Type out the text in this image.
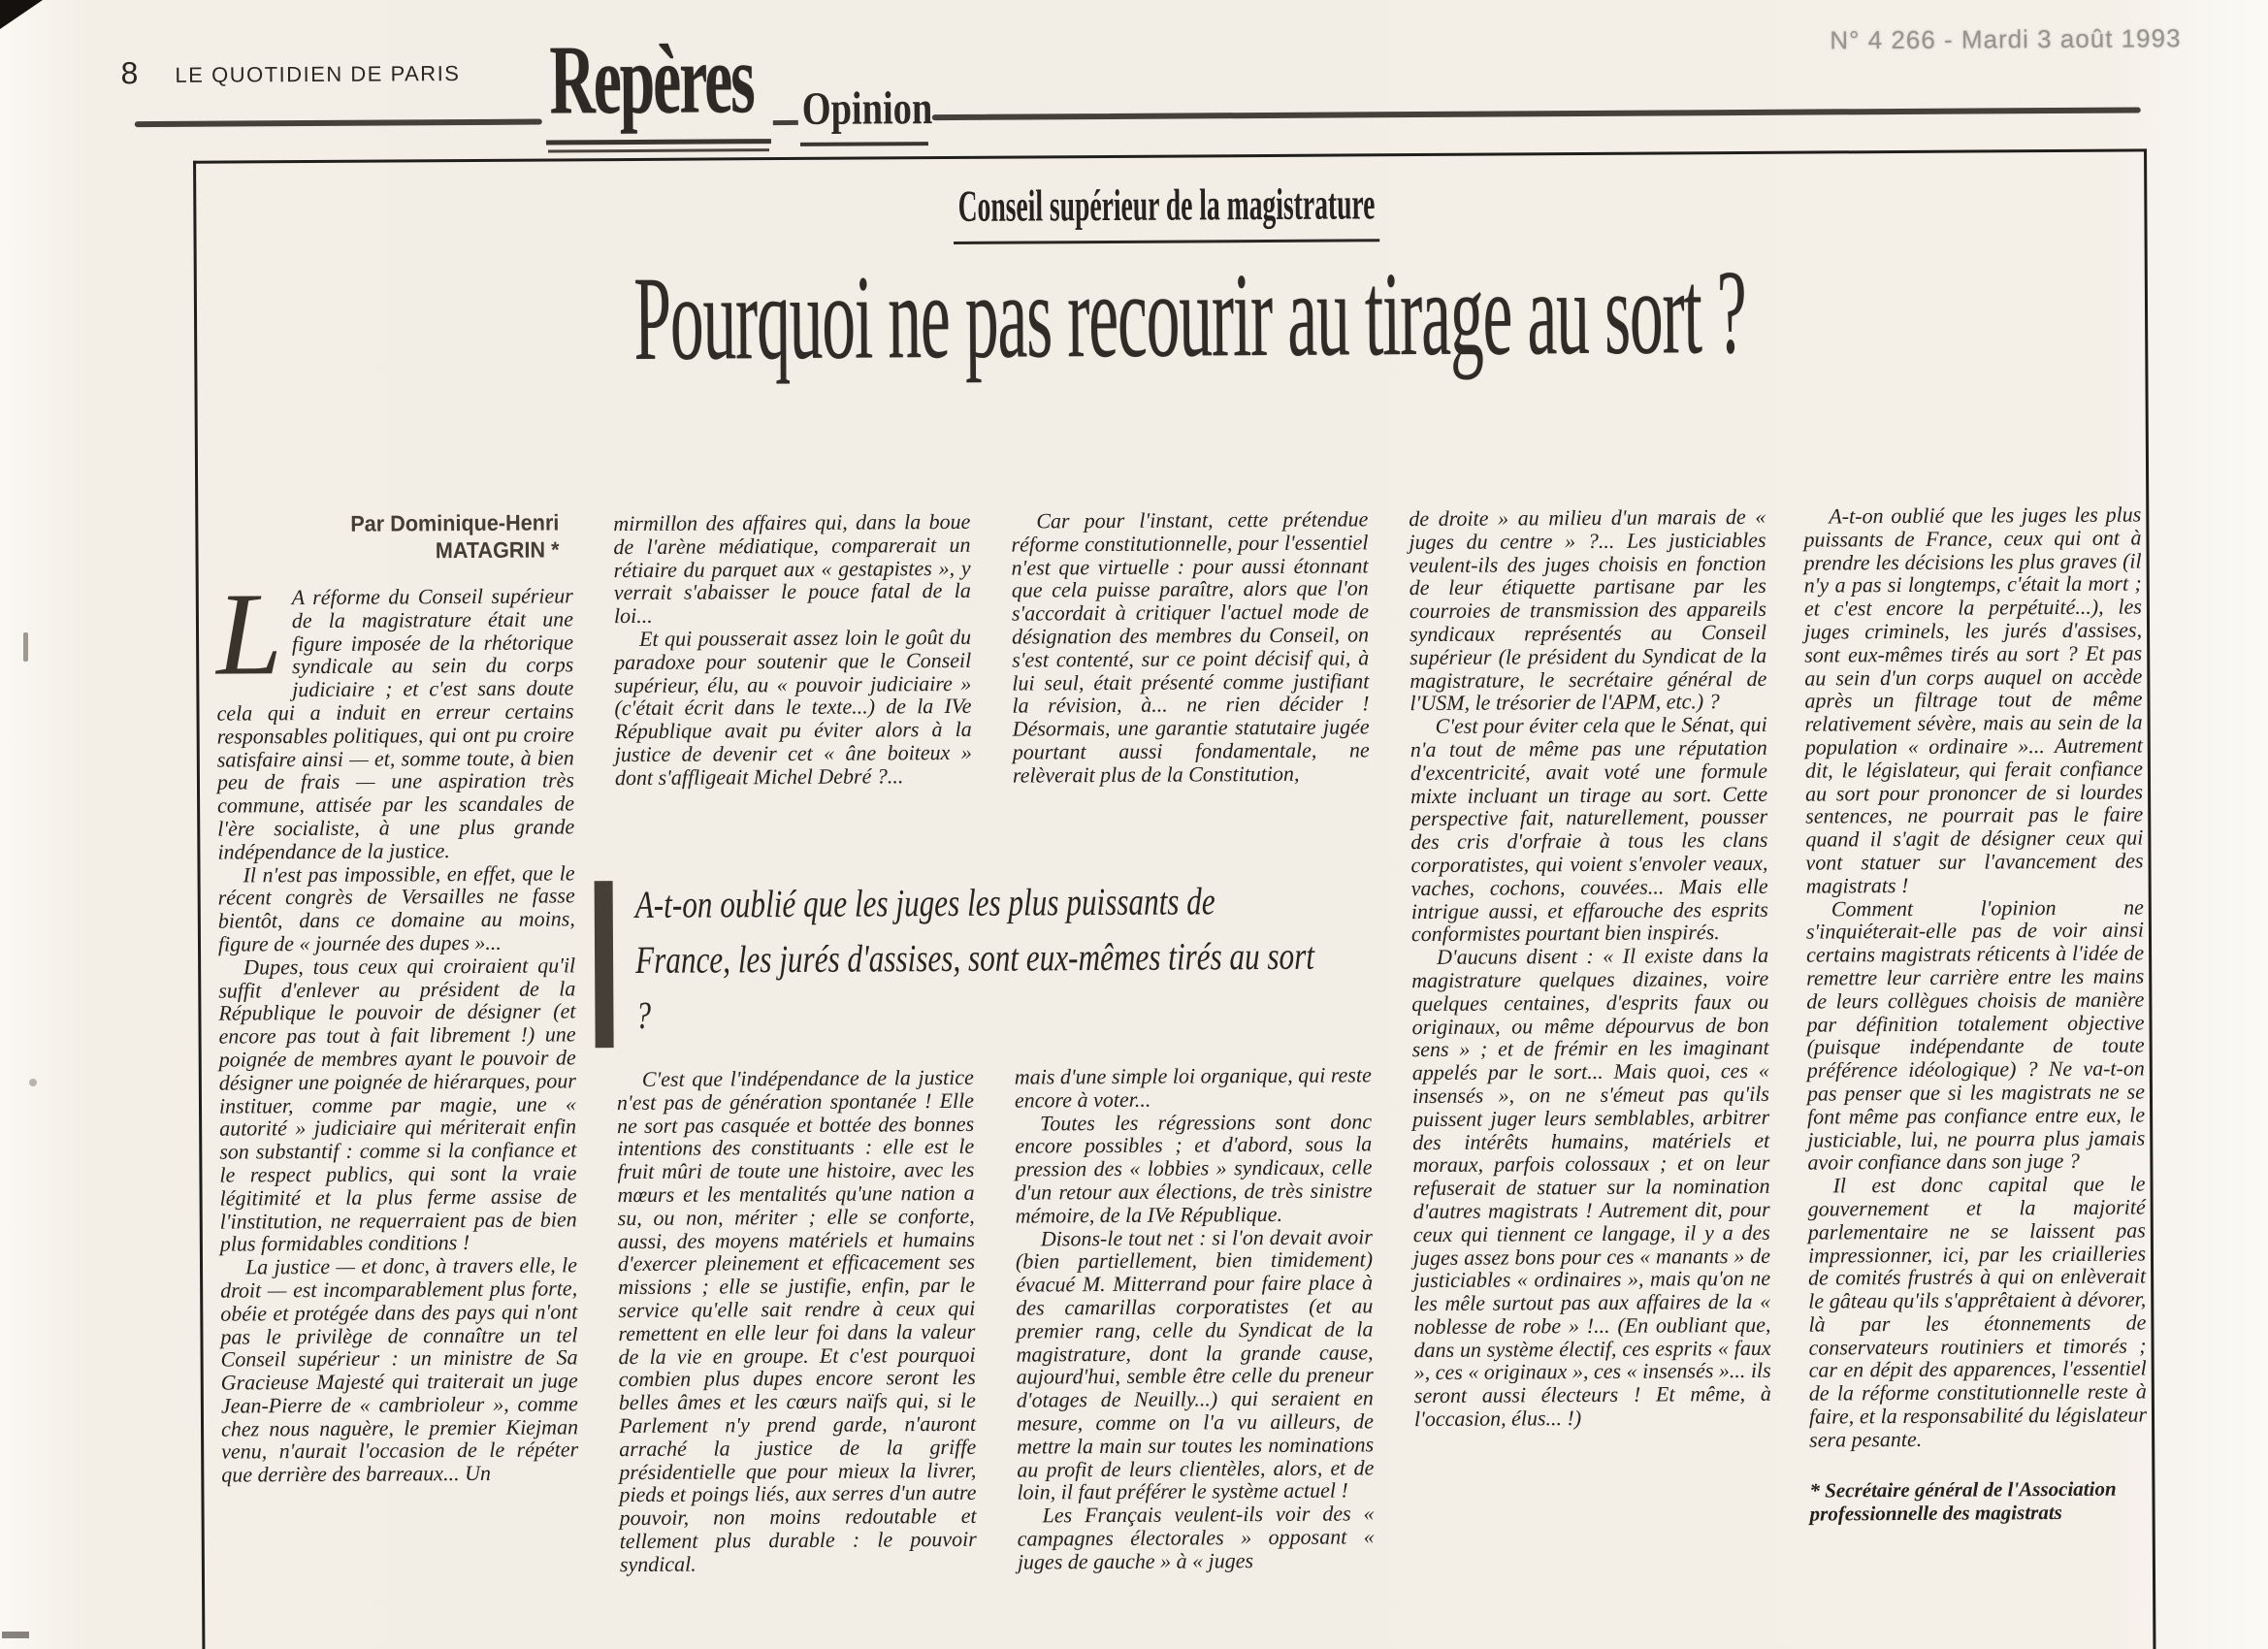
8 LE QUOTIDIEN DE PARIS
N° 4 266 - Mardi 3 août 1993
Repères Opinion
Conseil supérieur de la magistrature
Pourquoi ne pas recourir au tirage au sort ?
Par Dominique-Henri
MATAGRIN *

L A réforme du Conseil supérieur de la magistrature était une figure imposée de la rhétorique syndicale au sein du corps judiciaire ; et c'est sans doute cela qui a induit en erreur certains responsables politiques, qui ont pu croire satisfaire ainsi — et, somme toute, à bien peu de frais — une aspiration très commune, attisée par les scandales de l'ère socialiste, à une plus grande indépendance de la justice.

Il n'est pas impossible, en effet, que le récent congrès de Versailles ne fasse bientôt, dans ce domaine au moins, figure de « journée des dupes »...

Dupes, tous ceux qui croiraient qu'il suffit d'enlever au président de la République le pouvoir de désigner (et encore pas tout à fait librement !) une poignée de membres ayant le pouvoir de désigner une poignée de hiérarques, pour instituer, comme par magie, une « autorité » judiciaire qui mériterait enfin son substantif : comme si la confiance et le respect publics, qui sont la vraie légitimité et la plus ferme assise de l'institution, ne requerraient pas de bien plus formidables conditions !

La justice — et donc, à travers elle, le droit — est incomparablement plus forte, obéie et protégée dans des pays qui n'ont pas le privilège de connaître un tel Conseil supérieur : un ministre de Sa Gracieuse Majesté qui traiterait un juge Jean-Pierre de « cambrioleur », comme chez nous naguère, le premier Kiejman venu, n'aurait l'occasion de le répéter que derrière des barreaux... Un

mirmillon des affaires qui, dans la boue de l'arène médiatique, comparerait un rétiaire du parquet aux « gestapistes », y verrait s'abaisser le pouce fatal de la loi...

Et qui pousserait assez loin le goût du paradoxe pour soutenir que le Conseil supérieur, élu, au « pouvoir judiciaire » (c'était écrit dans le texte...) de la IVe République avait pu éviter alors à la justice de devenir cet « âne boiteux » dont s'affligeait Michel Debré ?...

C'est que l'indépendance de la justice n'est pas de génération spontanée ! Elle ne sort pas casquée et bottée des bonnes intentions des constituants : elle est le fruit mûri de toute une histoire, avec les mœurs et les mentalités qu'une nation a su, ou non, mériter ; elle se conforte, aussi, des moyens matériels et humains d'exercer pleinement et efficacement ses missions ; elle se justifie, enfin, par le service qu'elle sait rendre à ceux qui remettent en elle leur foi dans la valeur de la vie en groupe. Et c'est pourquoi combien plus dupes encore seront les belles âmes et les cœurs naïfs qui, si le Parlement n'y prend garde, n'auront arraché la justice de la griffe présidentielle que pour mieux la livrer, pieds et poings liés, aux serres d'un autre pouvoir, non moins redoutable et tellement plus durable : le pouvoir syndical.

Car pour l'instant, cette prétendue réforme constitutionnelle, pour l'essentiel n'est que virtuelle : pour aussi étonnant que cela puisse paraître, alors que l'on s'accordait à critiquer l'actuel mode de désignation des membres du Conseil, on s'est contenté, sur ce point décisif qui, à lui seul, était présenté comme justifiant la révision, à... ne rien décider ! Désormais, une garantie statutaire jugée pourtant aussi fondamentale, ne relèverait plus de la Constitution,

mais d'une simple loi organique, qui reste encore à voter...

Toutes les régressions sont donc encore possibles ; et d'abord, sous la pression des « lobbies » syndicaux, celle d'un retour aux élections, de très sinistre mémoire, de la IVe République.

Disons-le tout net : si l'on devait avoir (bien partiellement, bien timidement) évacué M. Mitterrand pour faire place à des camarillas corporatistes (et au premier rang, celle du Syndicat de la magistrature, dont la grande cause, aujourd'hui, semble être celle du preneur d'otages de Neuilly...) qui seraient en mesure, comme on l'a vu ailleurs, de mettre la main sur toutes les nominations au profit de leurs clientèles, alors, et de loin, il faut préférer le système actuel !

Les Français veulent-ils voir des « campagnes électorales » opposant « juges de gauche » à « juges

de droite » au milieu d'un marais de « juges du centre » ?... Les justiciables veulent-ils des juges choisis en fonction de leur étiquette partisane par les courroies de transmission des appareils syndicaux représentés au Conseil supérieur (le président du Syndicat de la magistrature, le secrétaire général de l'USM, le trésorier de l'APM, etc.) ?

C'est pour éviter cela que le Sénat, qui n'a tout de même pas une réputation d'excentricité, avait voté une formule mixte incluant un tirage au sort. Cette perspective fait, naturellement, pousser des cris d'orfraie à tous les clans corporatistes, qui voient s'envoler veaux, vaches, cochons, couvées... Mais elle intrigue aussi, et effarouche des esprits conformistes pourtant bien inspirés.

D'aucuns disent : « Il existe dans la magistrature quelques dizaines, voire quelques centaines, d'esprits faux ou originaux, ou même dépourvus de bon sens » ; et de frémir en les imaginant appelés par le sort... Mais quoi, ces « insensés », on ne s'émeut pas qu'ils puissent juger leurs semblables, arbitrer des intérêts humains, matériels et moraux, parfois colossaux ; et on leur refuserait de statuer sur la nomination d'autres magistrats ! Autrement dit, pour ceux qui tiennent ce langage, il y a des juges assez bons pour ces « manants » de justiciables « ordinaires », mais qu'on ne les mêle surtout pas aux affaires de la « noblesse de robe » !... (En oubliant que, dans un système électif, ces esprits « faux », ces « originaux », ces « insensés »... ils seront aussi électeurs ! Et même, à l'occasion, élus... !)

A-t-on oublié que les juges les plus puissants de France, ceux qui ont à prendre les décisions les plus graves (il n'y a pas si longtemps, c'était la mort ; et c'est encore la perpétuité...), les juges criminels, les jurés d'assises, sont eux-mêmes tirés au sort ? Et pas au sein d'un corps auquel on accède après un filtrage tout de même relativement sévère, mais au sein de la population « ordinaire »... Autrement dit, le législateur, qui ferait confiance au sort pour prononcer de si lourdes sentences, ne pourrait pas le faire quand il s'agit de désigner ceux qui vont statuer sur l'avancement des magistrats !

Comment l'opinion ne s'inquiéterait-elle pas de voir ainsi certains magistrats réticents à l'idée de remettre leur carrière entre les mains de leurs collègues choisis de manière par définition totalement objective (puisque indépendante de toute préférence idéologique) ? Ne va-t-on pas penser que si les magistrats ne se font même pas confiance entre eux, le justiciable, lui, ne pourra plus jamais avoir confiance dans son juge ?

Il est donc capital que le gouvernement et la majorité parlementaire ne se laissent pas impressionner, ici, par les criailleries de comités frustrés à qui on enlèverait le gâteau qu'ils s'apprêtaient à dévorer, là par les étonnements de conservateurs routiniers et timorés ; car en dépit des apparences, l'essentiel de la réforme constitutionnelle reste à faire, et la responsabilité du législateur sera pesante.

* Secrétaire général de l'Association professionnelle des magistrats

A-t-on oublié que les juges les plus puissants de France, les jurés d'assises, sont eux-mêmes tirés au sort ?
